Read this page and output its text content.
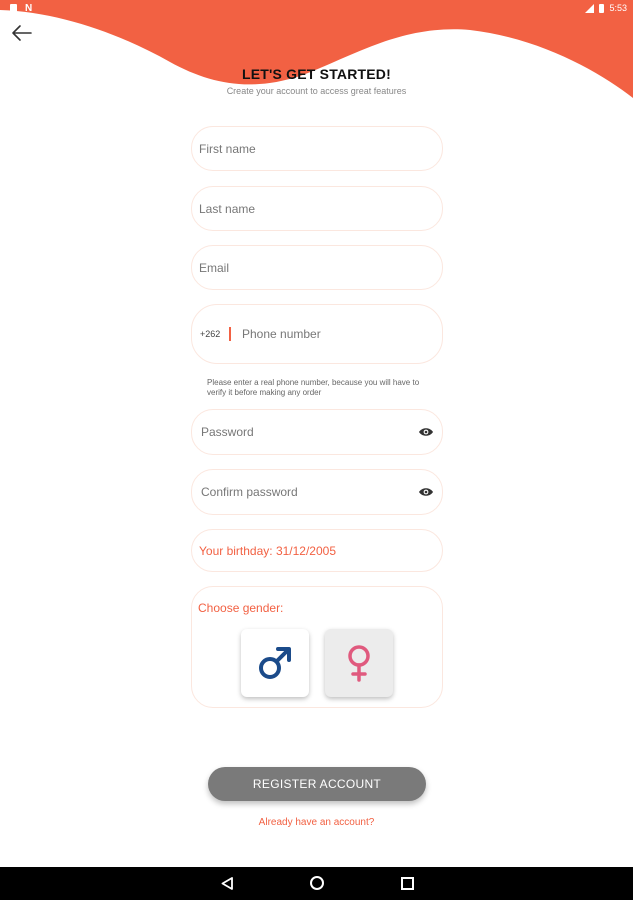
N	5:53
LET'S GET STARTED!
Create your account to access great features
First name
Last name
Email
+262 Phone number
Please enter a real phone number, because you will have to verify it before making any order
Password
Confirm password
Your birthday: 31/12/2005
Choose gender:
REGISTER ACCOUNT
Already have an account?
